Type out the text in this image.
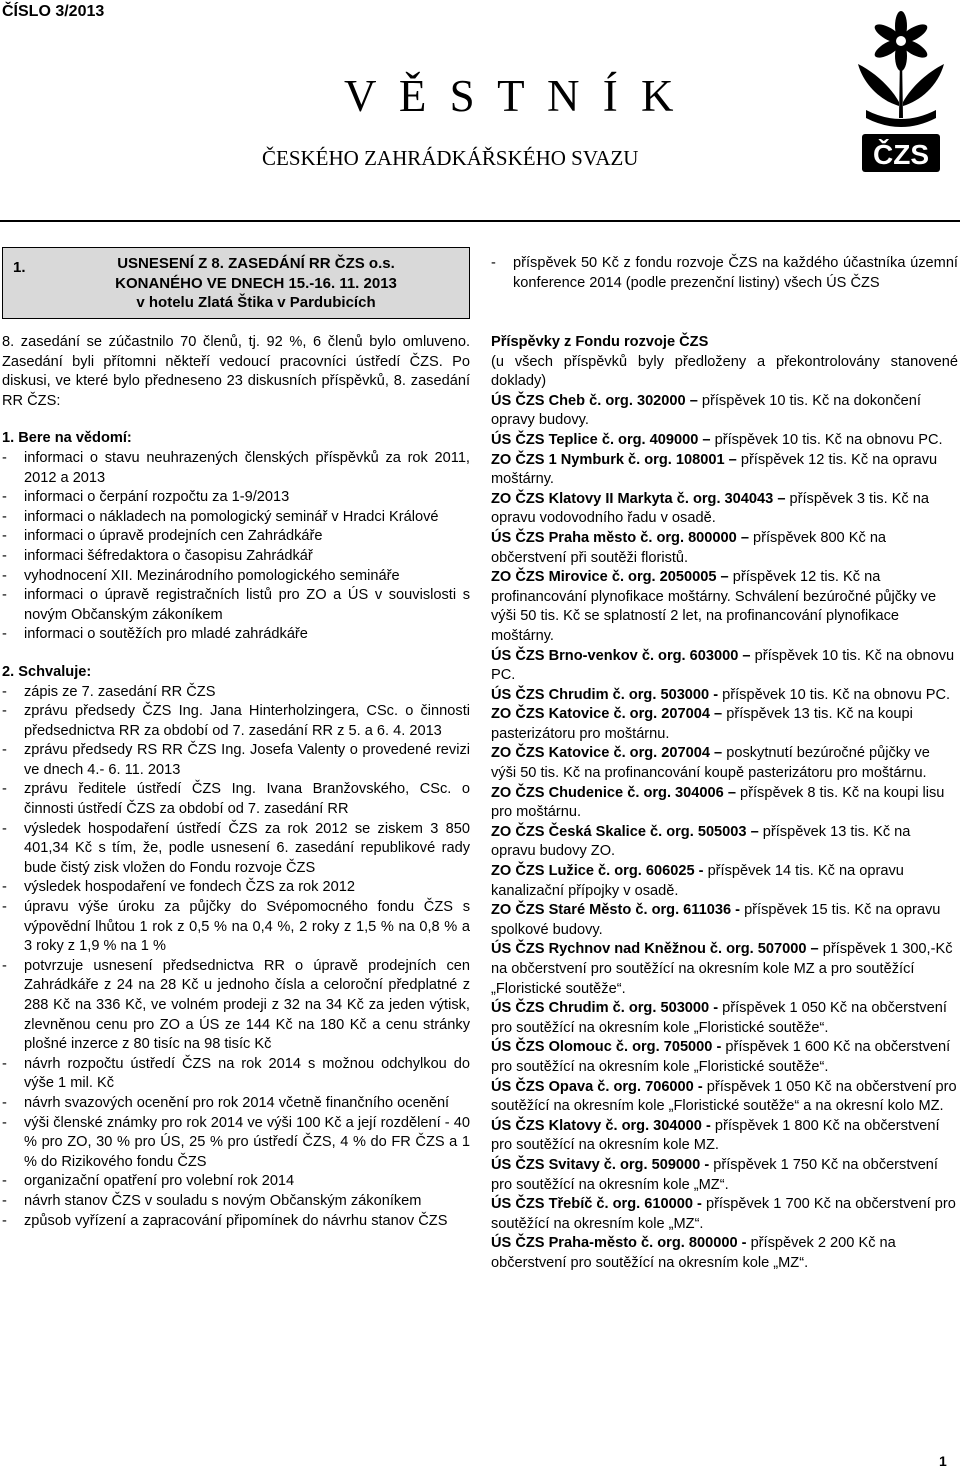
ČÍSLO 3/2013
V Ě S T N Í K
ČESKÉHO ZAHRÁDKÁŘSKÉHO SVAZU	ČZS
1.	USNESENÍ Z 8. ZASEDÁNÍ RR ČZS o.s.
KONANÉHO VE DNECH 15.-16. 11. 2013
v hotelu Zlatá Štika v Pardubicích
-	příspěvek 50 Kč z fondu rozvoje ČZS na každého účastníka územní konference 2014 (podle prezenční listiny) všech ÚS ČZS

8. zasedání se zúčastnilo 70 členů, tj. 92 %, 6 členů bylo omluveno. Zasedání byli přítomni někteří vedoucí pracovníci ústředí ČZS. Po diskusi, ve které bylo předneseno 23 diskusních příspěvků, 8. zasedání RR ČZS:

1. Bere na vědomí:

-	informaci o stavu neuhrazených členských příspěvků za rok 2011, 2012 a 2013
-	informaci o čerpání rozpočtu za 1-9/2013
-	informaci o nákladech na pomologický seminář v Hradci Králové
-	informaci o úpravě prodejních cen Zahrádkáře
-	informaci šéfredaktora o časopisu Zahrádkář
-	vyhodnocení XII. Mezinárodního pomologického semináře
-	informaci o úpravě registračních listů pro ZO a ÚS v souvislosti s novým Občanským zákoníkem
-	informaci o soutěžích pro mladé zahrádkáře

2. Schvaluje:

-	zápis ze 7. zasedání RR ČZS
-	zprávu předsedy ČZS Ing. Jana Hinterholzingera, CSc. o činnosti předsednictva RR za období od 7. zasedání RR z 5. a 6. 4. 2013
-	zprávu předsedy RS RR ČZS Ing. Josefa Valenty o provedené revizi ve dnech 4.- 6. 11. 2013
-	zprávu ředitele ústředí ČZS Ing. Ivana Branžovského, CSc. o činnosti ústředí ČZS za období od 7. zasedání RR
-	výsledek hospodaření ústředí ČZS za rok 2012 se ziskem 3 850 401,34 Kč s tím, že, podle usnesení 6. zasedání republikové rady bude čistý zisk vložen do Fondu rozvoje ČZS
-	výsledek hospodaření ve fondech ČZS za rok 2012
-	úpravu výše úroku za půjčky do Svépomocného fondu ČZS s výpovědní lhůtou 1 rok z 0,5 % na 0,4 %, 2 roky z 1,5 % na 0,8 % a 3 roky z 1,9 % na 1 %
-	potvrzuje usnesení předsednictva RR o úpravě prodejních cen Zahrádkáře z 24 na 28 Kč u jednoho čísla a celoroční předplatné z 288 Kč na 336 Kč, ve volném prodeji z 32 na 34 Kč za jeden výtisk, zlevněnou cenu pro ZO a ÚS ze 144 Kč na 180 Kč a cenu stránky plošné inzerce z 80 tisíc na 98 tisíc Kč
-	návrh rozpočtu ústředí ČZS na rok 2014 s možnou odchylkou do výše 1 mil. Kč
-	návrh svazových ocenění pro rok 2014 včetně finančního ocenění
-	výši členské známky pro rok 2014 ve výši 100 Kč a její rozdělení - 40 % pro ZO, 30 % pro ÚS, 25 % pro ústředí ČZS, 4 % do FR ČZS a 1 % do Rizikového fondu ČZS
-	organizační opatření pro volební rok 2014
-	návrh stanov ČZS v souladu s novým Občanským zákoníkem
-	způsob vyřízení a zapracování připomínek do návrhu stanov ČZS

Příspěvky z Fondu rozvoje ČZS

(u všech příspěvků byly předloženy a překontrolovány stanovené doklady)

ÚS ČZS Cheb č. org. 302000 – příspěvek 10 tis. Kč na dokončení opravy budovy.
ÚS ČZS Teplice č. org. 409000 – příspěvek 10 tis. Kč na obnovu PC.
ZO ČZS 1 Nymburk č. org. 108001 – příspěvek 12 tis. Kč na opravu moštárny.
ZO ČZS Klatovy II Markyta č. org. 304043 – příspěvek 3 tis. Kč na opravu vodovodního řadu v osadě.
ÚS ČZS Praha město č. org. 800000 – příspěvek 800 Kč na občerstvení při soutěži floristů.
ZO ČZS Mirovice č. org. 2050005 – příspěvek 12 tis. Kč na profinancování plynofikace moštárny. Schválení bezúročné půjčky ve výši 50 tis. Kč se splatností 2 let, na profinancování plynofikace moštárny.
ÚS ČZS Brno-venkov č. org. 603000 – příspěvek 10 tis. Kč na obnovu PC.
ÚS ČZS Chrudim č. org. 503000 - příspěvek 10 tis. Kč na obnovu PC.
ZO ČZS Katovice č. org. 207004 – příspěvek 13 tis. Kč na koupi pasterizátoru pro moštárnu.
ZO ČZS Katovice č. org. 207004 – poskytnutí bezúročné půjčky ve výši 50 tis. Kč na profinancování koupě pasterizátoru pro moštárnu.
ZO ČZS Chudenice č. org. 304006 – příspěvek 8 tis. Kč na koupi lisu pro moštárnu.
ZO ČZS Česká Skalice č. org. 505003 – příspěvek 13 tis. Kč na opravu budovy ZO.
ZO ČZS Lužice č. org. 606025 - příspěvek 14 tis. Kč na opravu kanalizační přípojky v osadě.
ZO ČZS Staré Město č. org. 611036 - příspěvek 15 tis. Kč na opravu spolkové budovy.
ÚS ČZS Rychnov nad Kněžnou č. org. 507000 – příspěvek 1 300,-Kč na občerstvení pro soutěžící na okresním kole MZ a pro soutěžící „Floristické soutěže“.
ÚS ČZS Chrudim č. org. 503000 - příspěvek 1 050 Kč na občerstvení pro soutěžící na okresním kole „Floristické soutěže“.
ÚS ČZS Olomouc č. org. 705000 - příspěvek 1 600 Kč na občerstvení pro soutěžící na okresním kole „Floristické soutěže“.
ÚS ČZS Opava č. org. 706000 - příspěvek 1 050 Kč na občerstvení pro soutěžící na okresním kole „Floristické soutěže“ a na okresní kolo MZ.
ÚS ČZS Klatovy č. org. 304000 - příspěvek 1 800 Kč na občerstvení pro soutěžící na okresním kole MZ.
ÚS ČZS Svitavy č. org. 509000 - příspěvek 1 750 Kč na občerstvení pro soutěžící na okresním kole „MZ“.
ÚS ČZS Třebíč č. org. 610000 - příspěvek 1 700 Kč na občerstvení pro soutěžící na okresním kole „MZ“.
ÚS ČZS Praha-město č. org. 800000 - příspěvek 2 200 Kč na občerstvení pro soutěžící na okresním kole „MZ“.
1
